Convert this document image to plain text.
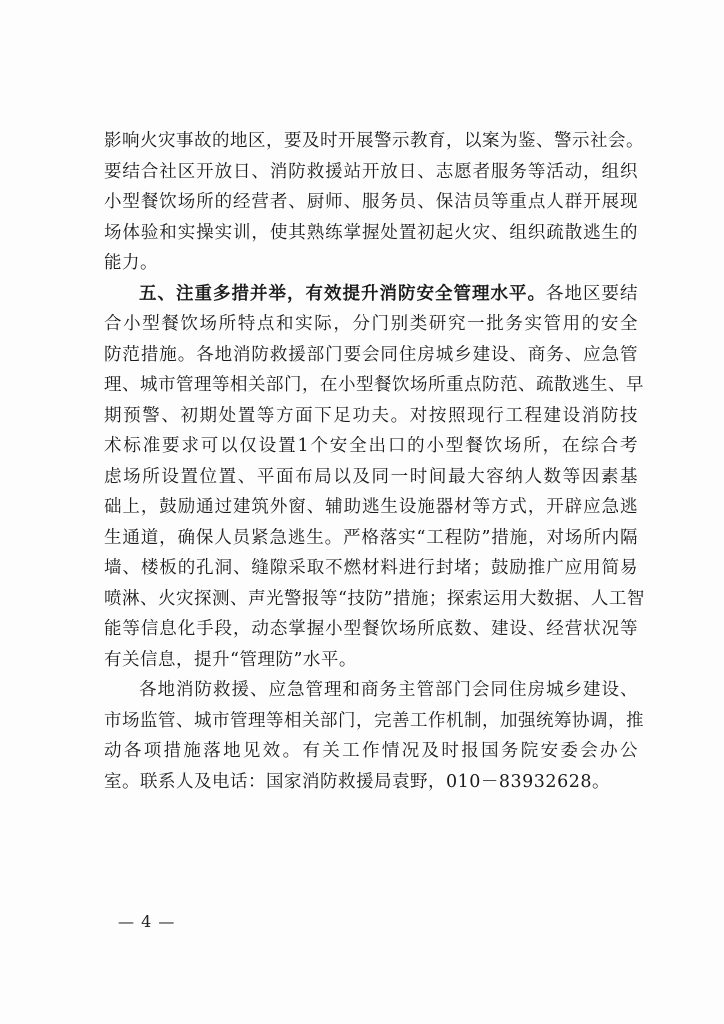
影响火灾事故的地区，要及时开展警示教育，以案为鉴、警示社会。
要结合社区开放日、消防救援站开放日、志愿者服务等活动，组织
小型餐饮场所的经营者、厨师、服务员、保洁员等重点人群开展现
场体验和实操实训，使其熟练掌握处置初起火灾、组织疏散逃生的
能力。
五、注重多措并举，有效提升消防安全管理水平。各地区要结
合小型餐饮场所特点和实际，分门别类研究一批务实管用的安全
防范措施。各地消防救援部门要会同住房城乡建设、商务、应急管
理、城市管理等相关部门，在小型餐饮场所重点防范、疏散逃生、早
期预警、初期处置等方面下足功夫。对按照现行工程建设消防技
术标准要求可以仅设置1个安全出口的小型餐饮场所，在综合考
虑场所设置位置、平面布局以及同一时间最大容纳人数等因素基
础上，鼓励通过建筑外窗、辅助逃生设施器材等方式，开辟应急逃
生通道，确保人员紧急逃生。严格落实“工程防”措施，对场所内隔
墙、楼板的孔洞、缝隙采取不燃材料进行封堵；鼓励推广应用简易
喷淋、火灾探测、声光警报等“技防”措施；探索运用大数据、人工智
能等信息化手段，动态掌握小型餐饮场所底数、建设、经营状况等
有关信息，提升“管理防”水平。
各地消防救援、应急管理和商务主管部门会同住房城乡建设、
市场监管、城市管理等相关部门，完善工作机制，加强统筹协调，推
动各项措施落地见效。有关工作情况及时报国务院安委会办公
室。联系人及电话：国家消防救援局袁野，010－83932628。
— 4 —
